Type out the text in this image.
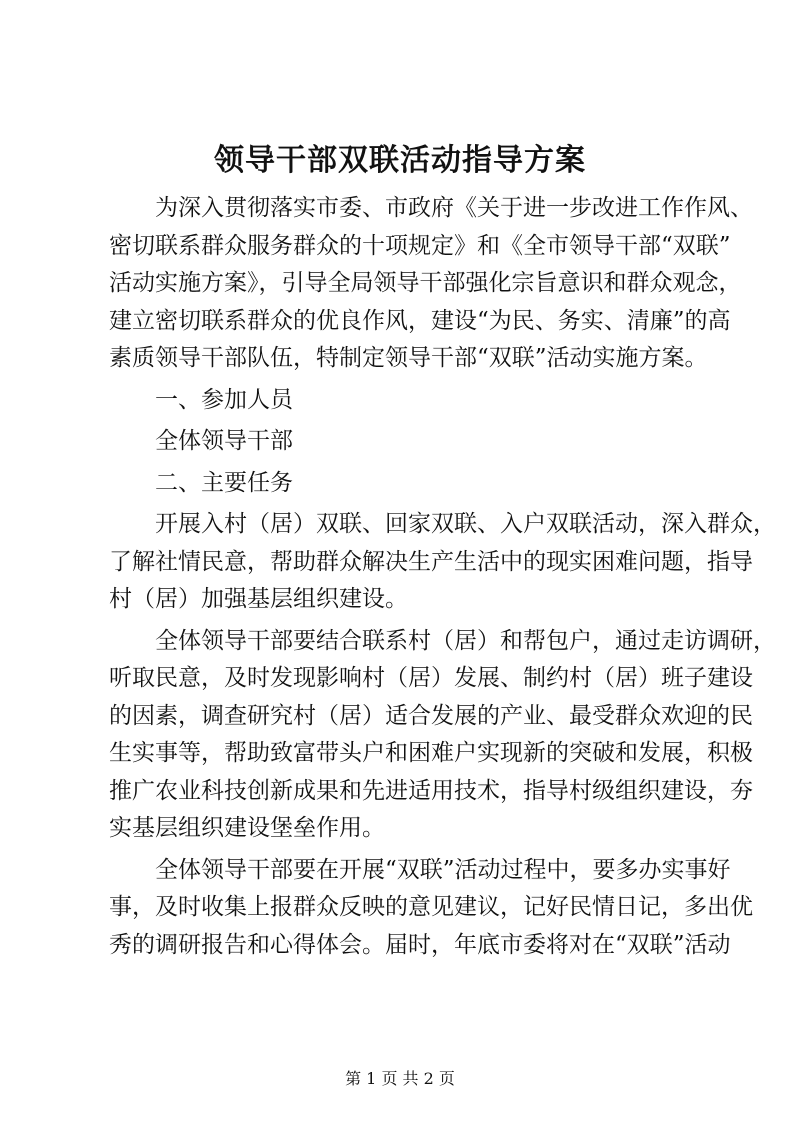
领导干部双联活动指导方案
为深入贯彻落实市委、市政府《关于进一步改进工作作风、
密切联系群众服务群众的十项规定》和《全市领导干部“双联”
活动实施方案》，引导全局领导干部强化宗旨意识和群众观念，
建立密切联系群众的优良作风，建设“为民、务实、清廉”的高
素质领导干部队伍，特制定领导干部“双联”活动实施方案。
一、参加人员
全体领导干部
二、主要任务
开展入村（居）双联、回家双联、入户双联活动，深入群众，
了解社情民意，帮助群众解决生产生活中的现实困难问题，指导
村（居）加强基层组织建设。
全体领导干部要结合联系村（居）和帮包户，通过走访调研，
听取民意，及时发现影响村（居）发展、制约村（居）班子建设
的因素，调查研究村（居）适合发展的产业、最受群众欢迎的民
生实事等，帮助致富带头户和困难户实现新的突破和发展，积极
推广农业科技创新成果和先进适用技术，指导村级组织建设，夯
实基层组织建设堡垒作用。
全体领导干部要在开展“双联”活动过程中，要多办实事好
事，及时收集上报群众反映的意见建议，记好民情日记，多出优
秀的调研报告和心得体会。届时，年底市委将对在“双联”活动
第 1 页 共 2 页
